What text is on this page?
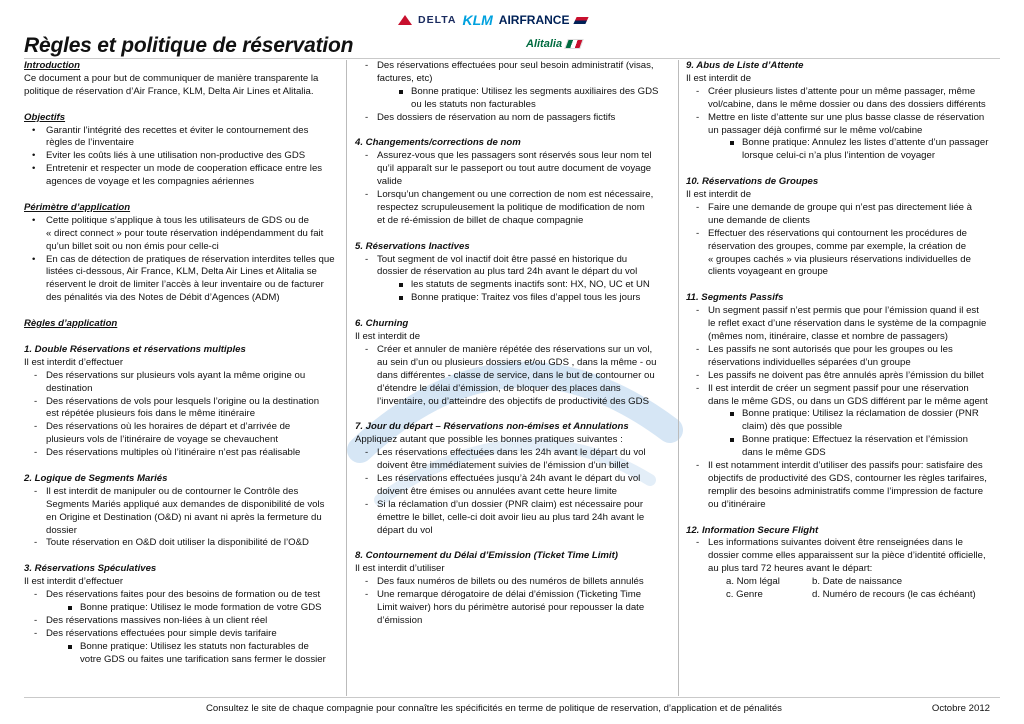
DELTA KLM AIRFRANCE
Alitalia
Règles et politique de réservation

Introduction

Ce document a pour but de communiquer de manière transparente la

politique de réservation d’Air France, KLM, Delta Air Lines et Alitalia.

Objectifs

• Garantir l’intégrité des recettes et éviter le contournement des
règles de l’inventaire
• Eviter les coûts liés à une utilisation non-productive des GDS
• Entretenir et respecter un mode de cooperation efficace entre les
agences de voyage et les compagnies aériennes

Périmètre d’application

• Cette politique s’applique à tous les utilisateurs de GDS ou de
« direct connect » pour toute réservation indépendamment du fait
qu’un billet soit ou non émis pour celle-ci
• En cas de détection de pratiques de réservation interdites telles que
listées ci-dessous, Air France, KLM, Delta Air Lines et Alitalia se
réservent le droit de limiter l’accès à leur inventaire ou de facturer
des pénalités via des Notes de Débit d’Agences (ADM)

Règles d’application

1. Double Réservations et réservations multiples

Il est interdit d’effectuer

- Des réservations sur plusieurs vols ayant la même origine ou
destination
- Des réservations de vols pour lesquels l’origine ou la destination
est répétée plusieurs fois dans le même itinéraire
- Des réservations où les horaires de départ et d’arrivée de
plusieurs vols de l’itinéraire de voyage se chevauchent
- Des réservations multiples où l’itinéraire n’est pas réalisable

2. Logique de Segments Mariés

- Il est interdit de manipuler ou de contourner le Contrôle des
Segments Mariés appliqué aux demandes de disponibilité de vols
en Origine et Destination (O&D) ni avant ni après la fermeture du
dossier
- Toute réservation en O&D doit utiliser la disponibilité de l’O&D

3. Réservations Spéculatives

Il est interdit d’effectuer

- Des réservations faites pour des besoins de formation ou de test
Bonne pratique: Utilisez le mode formation de votre GDS
- Des réservations massives non-liées à un client réel
- Des réservations effectuées pour simple devis tarifaire
Bonne pratique: Utilisez les statuts non facturables de
votre GDS ou faites une tarification sans fermer le dossier
- Des réservations effectuées pour seul besoin administratif (visas,
factures, etc)
Bonne pratique: Utilisez les segments auxiliaires des GDS
ou les statuts non facturables
- Des dossiers de réservation au nom de passagers fictifs

4. Changements/corrections de nom

- Assurez-vous que les passagers sont réservés sous leur nom tel
qu’il apparaît sur le passeport ou tout autre document de voyage
valide
- Lorsqu’un changement ou une correction de nom est nécessaire,
respectez scrupuleusement la politique de modification de nom
et de ré-émission de billet de chaque compagnie

5. Réservations Inactives

- Tout segment de vol inactif doit être passé en historique du
dossier de réservation au plus tard 24h avant le départ du vol
les statuts de segments inactifs sont: HX, NO, UC et UN
Bonne pratique: Traitez vos files d’appel tous les jours

6. Churning

Il est interdit de

- Créer et annuler de manière répétée des réservations sur un vol,
au sein d’un ou plusieurs dossiers et/ou GDS , dans la même - ou
dans différentes - classe de service, dans le but de contourner ou
d’étendre le délai d’émission, de bloquer des places dans
l’inventaire, ou d’atteindre des objectifs de productivité des GDS

7. Jour du départ – Réservations non-émises et Annulations

Appliquez autant que possible les bonnes pratiques suivantes :

- Les réservations effectuées dans les 24h avant le départ du vol
doivent être immédiatement suivies de l’émission d’un billet
- Les réservations effectuées jusqu’à 24h avant le départ du vol
doivent être émises ou annulées avant cette heure limite
- Si la réclamation d’un dossier (PNR claim) est nécessaire pour
émettre le billet, celle-ci doit avoir lieu au plus tard 24h avant le
départ du vol

8. Contournement du Délai d’Emission (Ticket Time Limit)

Il est interdit d’utiliser

- Des faux numéros de billets ou des numéros de billets annulés
- Une remarque dérogatoire de délai d’émission (Ticketing Time
Limit waiver) hors du périmètre autorisé pour repousser la date
d’émission

9. Abus de Liste d’Attente

Il est interdit de

- Créer plusieurs listes d’attente pour un même passager, même
vol/cabine, dans le même dossier ou dans des dossiers différents
- Mettre en liste d’attente sur une plus basse classe de réservation
un passager déjà confirmé sur le même vol/cabine
Bonne pratique: Annulez les listes d’attente d’un passager
lorsque celui-ci n’a plus l’intention de voyager

10. Réservations de Groupes

Il est interdit de

- Faire une demande de groupe qui n’est pas directement liée à
une demande de clients
- Effectuer des réservations qui contournent les procédures de
réservation des groupes, comme par exemple, la création de
« groupes cachés » via plusieurs réservations individuelles de
clients voyageant en groupe

11. Segments Passifs

- Un segment passif n’est permis que pour l’émission quand il est
le reflet exact d’une réservation dans le système de la compagnie
(mêmes nom, itinéraire, classe et nombre de passagers)
- Les passifs ne sont autorisés que pour les groupes ou les
réservations individuelles séparées d’un groupe
- Les passifs ne doivent pas être annulés après l’émission du billet
- Il est interdit de créer un segment passif pour une réservation
dans le même GDS, ou dans un GDS différent par le même agent
Bonne pratique: Utilisez la réclamation de dossier (PNR
claim) dès que possible
Bonne pratique: Effectuez la réservation et l’émission
dans le même GDS
- Il est notamment interdit d’utiliser des passifs pour: satisfaire des
objectifs de productivité des GDS, contourner les règles tarifaires,
remplir des besoins administratifs comme l’impression de facture
ou d’itinéraire

12. Information Secure Flight

- Les informations suivantes doivent être renseignées dans le
dossier comme elles apparaissent sur la pièce d’identité officielle,
au plus tard 72 heures avant le départ:
a. Nom légal	b. Date de naissance
c. Genre	d. Numéro de recours (le cas échéant)
Consultez le site de chaque compagnie pour connaître les spécificités en terme de politique de reservation, d’application et de pénalités	Octobre 2012
